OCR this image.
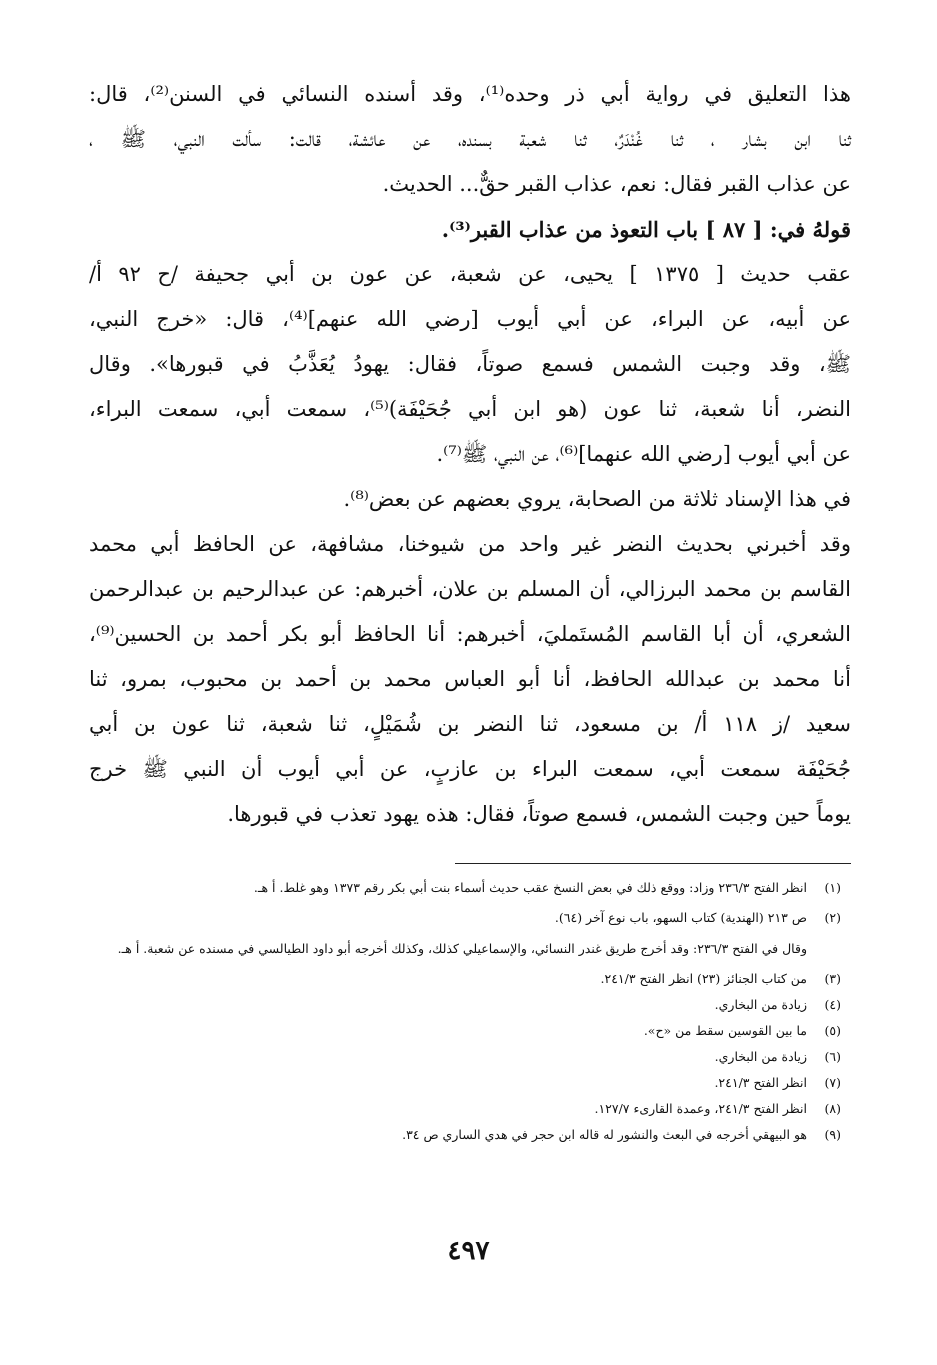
هذا التعليق في رواية أبي ذر وحده⁽¹⁾، وقد أسنده النسائي في السنن⁽²⁾، قال:
ثنا ابن بشار ، ثنا غُنْدَرٌ، ثنا شعبة بسنده، عن عائشة، قالت: سألت النبي، ﷺ ،
عن عذاب القبر فقال: نعم، عذاب القبر حقٌّ... الحديث.
قولهُ في: [ ٨٧ ] باب التعوذ من عذاب القبر⁽³⁾.
عقب حديث [ ١٣٧٥ ] يحيى، عن شعبة، عن عون بن أبي جحيفة /ح ٩٢ أ/
عن أبيه، عن البراء، عن أبي أيوب [رضي الله عنهم]⁽⁴⁾، قال: «خرج النبي،
ﷺ، وقد وجبت الشمس فسمع صوتاً، فقال: يهودُ يُعَذَّبُ في قبورها». وقال
النضر، أنا شعبة، ثنا عون (هو ابن أبي جُحَيْفَة)⁽⁵⁾، سمعت أبي، سمعت البراء،
عن أبي أيوب [رضي الله عنهما]⁽⁶⁾، عن النبي، ﷺ⁽⁷⁾.
في هذا الإسناد ثلاثة من الصحابة، يروي بعضهم عن بعض⁽⁸⁾.
وقد أخبرني بحديث النضر غير واحد من شيوخنا، مشافهة، عن الحافظ أبي محمد
القاسم بن محمد البرزالي، أن المسلم بن علان، أخبرهم: عن عبدالرحيم بن عبدالرحمن
الشعري، أن أبا القاسم المُستَمليَ، أخبرهم: أنا الحافظ أبو بكر أحمد بن الحسين⁽⁹⁾،
أنا محمد بن عبدالله الحافظ، أنا أبو العباس محمد بن أحمد بن محبوب، بمرو، ثنا
سعيد /ز ١١٨ أ/ بن مسعود، ثنا النضر بن شُمَيْلٍ، ثنا شعبة، ثنا عون بن أبي
جُحَيْفَة سمعت أبي، سمعت البراء بن عازبٍ، عن أبي أيوب أن النبي ﷺ خرج
يوماً حين وجبت الشمس، فسمع صوتاً، فقال: هذه يهود تعذب في قبورها.
(١)
انظر الفتح ٢٣٦/٣ وزاد: ووقع ذلك في بعض النسخ عقب حديث أسماء بنت أبي بكر رقم ١٣٧٣ وهو غلط. أ هـ.
(٢)
ص ٢١٣ (الهندية) كتاب السهو، باب نوع آخر (٦٤).
وقال في الفتح ٢٣٦/٣: وقد أخرج طريق غندر النسائي، والإسماعيلي كذلك، وكذلك أخرجه أبو داود الطيالسي في مسنده عن شعبة. أ هـ.
(٣)
من كتاب الجنائز (٢٣) انظر الفتح ٢٤١/٣.
(٤)
زيادة من البخاري.
(٥)
ما بين القوسين سقط من «ح».
(٦)
زيادة من البخاري.
(٧)
انظر الفتح ٢٤١/٣.
(٨)
انظر الفتح ٢٤١/٣، وعمدة القارىء ١٢٧/٧.
(٩)
هو البيهقي أخرجه في البعث والنشور له قاله ابن حجر في هدي الساري ص ٣٤.
٤٩٧
